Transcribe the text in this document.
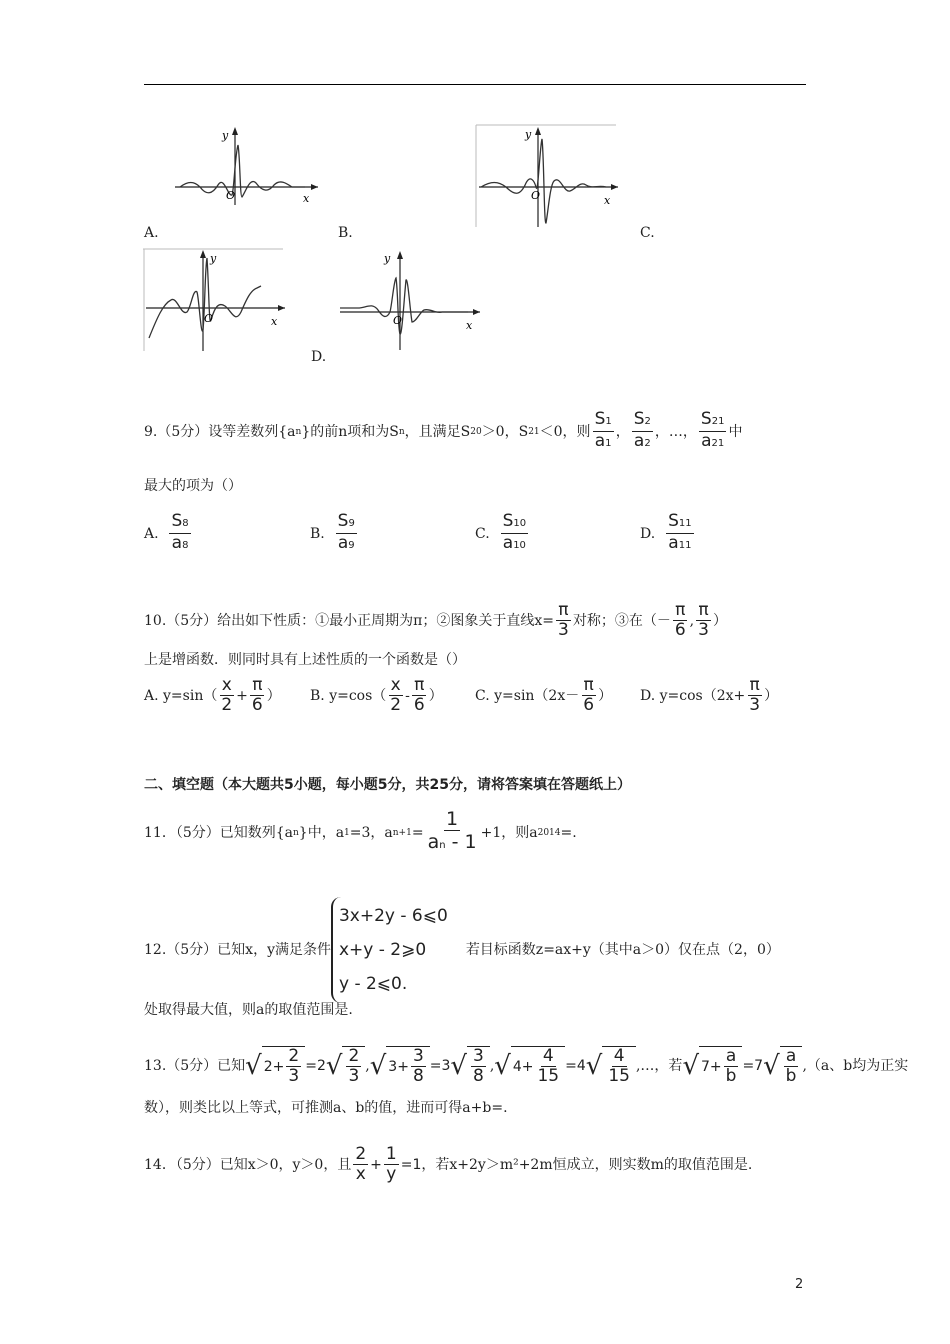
y
x
O
y
x
O
A.	B.	C.
y
x
O
y
x
O
D.
9.（5分）设等差数列{a n }的前n项和为S n ，且满足S 20 ＞0，S 21 ＜0，则 $\frac{S1}{a1}$ ， $\frac{S2}{a2}$ ，…， $\frac{S21}{a21}$ 中
最大的项为（）
A.
$\frac{S8}{a8}$	B.
$\frac{S9}{a9}$	C.
$\frac{S10}{a10}$	D.
$\frac{S11}{a11}$
10.（5分）给出如下性质：①最小正周期为π；②图象关于直线$x= \frac{\pi}{3}$ 对称；③在（－ $\frac{\pi}{6}$ , $\frac{\pi}{3}$ ）
上是增函数．则同时具有上述性质的一个函数是（）
A. $y=\sin( \frac{x}{2} + \frac{\pi}{6}$ ） B. $y=\cos( \frac{x}{2} - \frac{\pi}{6}$ ） C. $y=\sin(2x- \frac{\pi}{6}$ ） D. $y=\cos(2x+ \frac{\pi}{3}$ ）
二、填空题（本大题共5小题，每小题5分，共25分，请将答案填在答题纸上）
11．（5分）已知数列{a n }中，a 1 =3，a $n+1 = \frac{1}{an - 1} +1$，则a 2014 =.
12.（5分）已知x，y满足条件
3x+2y - 6⩽0
x+y - 2⩾0
y - 2⩽0.
若目标函数z=ax+y（其中a＞0）仅在点（2，0）
处取得最大值，则a的取值范围是.
13.（5分）已知 √ $2+ \frac{2}{3} =2$ √ $\frac{2}{3}$ , √ $3+ \frac{3}{8} =3$ √ $\frac{3}{8}$ , √ $4+ \frac{4}{15} =4$ √ $\frac{4}{15}$ ,…，若 √ $7+ \frac{a}{b} =7$ √ $\frac{a}{b}$ , （a、b均为正实
数），则类比以上等式，可推测a、b的值，进而可得a+b=.
14．（5分）已知x＞0，y＞0，且 $\frac{2}{x} + \frac{1}{y} =1$ ，若x+2y＞m²+2m恒成立，则实数m的取值范围是.
2
